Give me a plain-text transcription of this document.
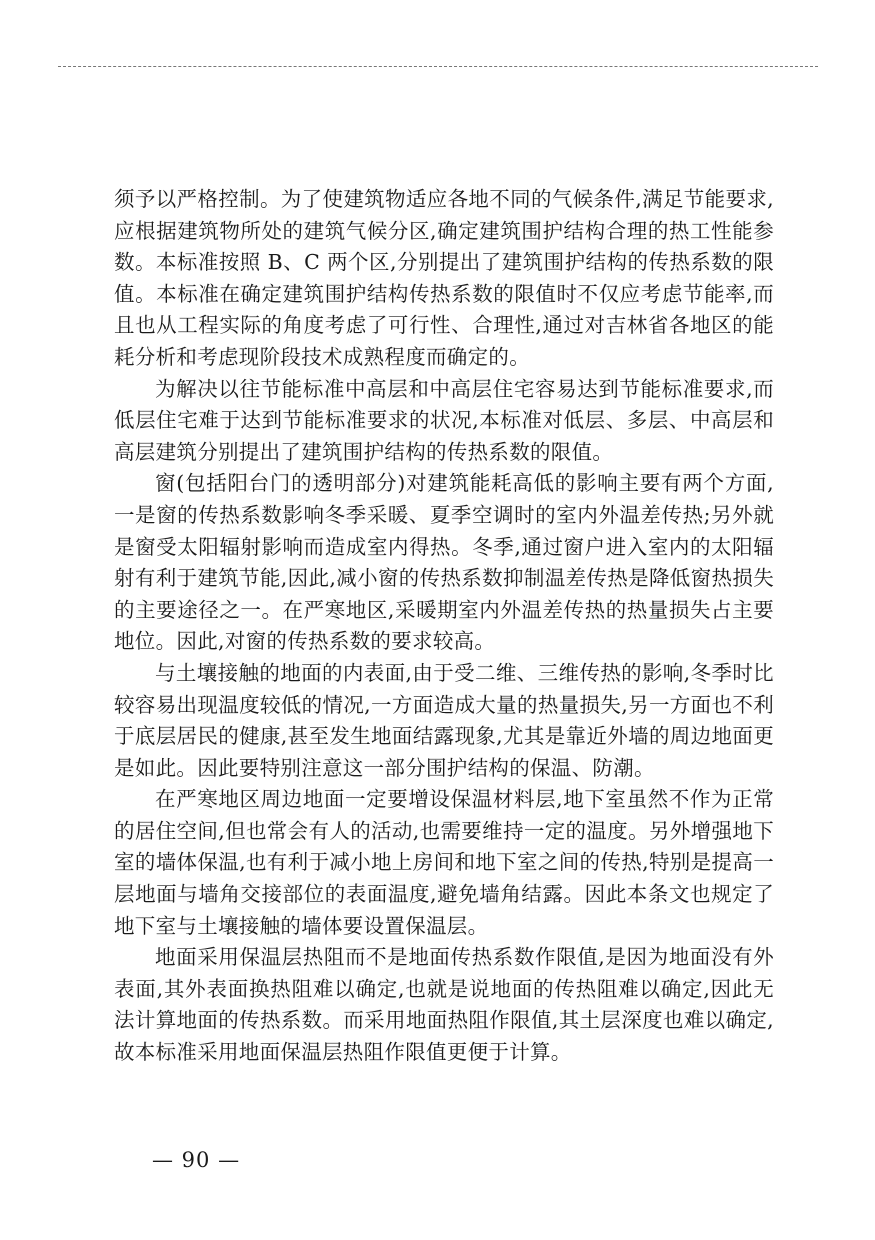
须予以严格控制。为了使建筑物适应各地不同的气候条件,满足节能要求,应根据建筑物所处的建筑气候分区,确定建筑围护结构合理的热工性能参数。本标准按照 B、C 两个区,分别提出了建筑围护结构的传热系数的限值。本标准在确定建筑围护结构传热系数的限值时不仅应考虑节能率,而且也从工程实际的角度考虑了可行性、合理性,通过对吉林省各地区的能耗分析和考虑现阶段技术成熟程度而确定的。

为解决以往节能标准中高层和中高层住宅容易达到节能标准要求,而低层住宅难于达到节能标准要求的状况,本标准对低层、多层、中高层和高层建筑分别提出了建筑围护结构的传热系数的限值。

窗(包括阳台门的透明部分)对建筑能耗高低的影响主要有两个方面,一是窗的传热系数影响冬季采暖、夏季空调时的室内外温差传热;另外就是窗受太阳辐射影响而造成室内得热。冬季,通过窗户进入室内的太阳辐射有利于建筑节能,因此,减小窗的传热系数抑制温差传热是降低窗热损失的主要途径之一。在严寒地区,采暖期室内外温差传热的热量损失占主要地位。因此,对窗的传热系数的要求较高。

与土壤接触的地面的内表面,由于受二维、三维传热的影响,冬季时比较容易出现温度较低的情况,一方面造成大量的热量损失,另一方面也不利于底层居民的健康,甚至发生地面结露现象,尤其是靠近外墙的周边地面更是如此。因此要特别注意这一部分围护结构的保温、防潮。

在严寒地区周边地面一定要增设保温材料层,地下室虽然不作为正常的居住空间,但也常会有人的活动,也需要维持一定的温度。另外增强地下室的墙体保温,也有利于减小地上房间和地下室之间的传热,特别是提高一层地面与墙角交接部位的表面温度,避免墙角结露。因此本条文也规定了地下室与土壤接触的墙体要设置保温层。

地面采用保温层热阻而不是地面传热系数作限值,是因为地面没有外表面,其外表面换热阻难以确定,也就是说地面的传热阻难以确定,因此无法计算地面的传热系数。而采用地面热阻作限值,其土层深度也难以确定,故本标准采用地面保温层热阻作限值更便于计算。

— 90 —
